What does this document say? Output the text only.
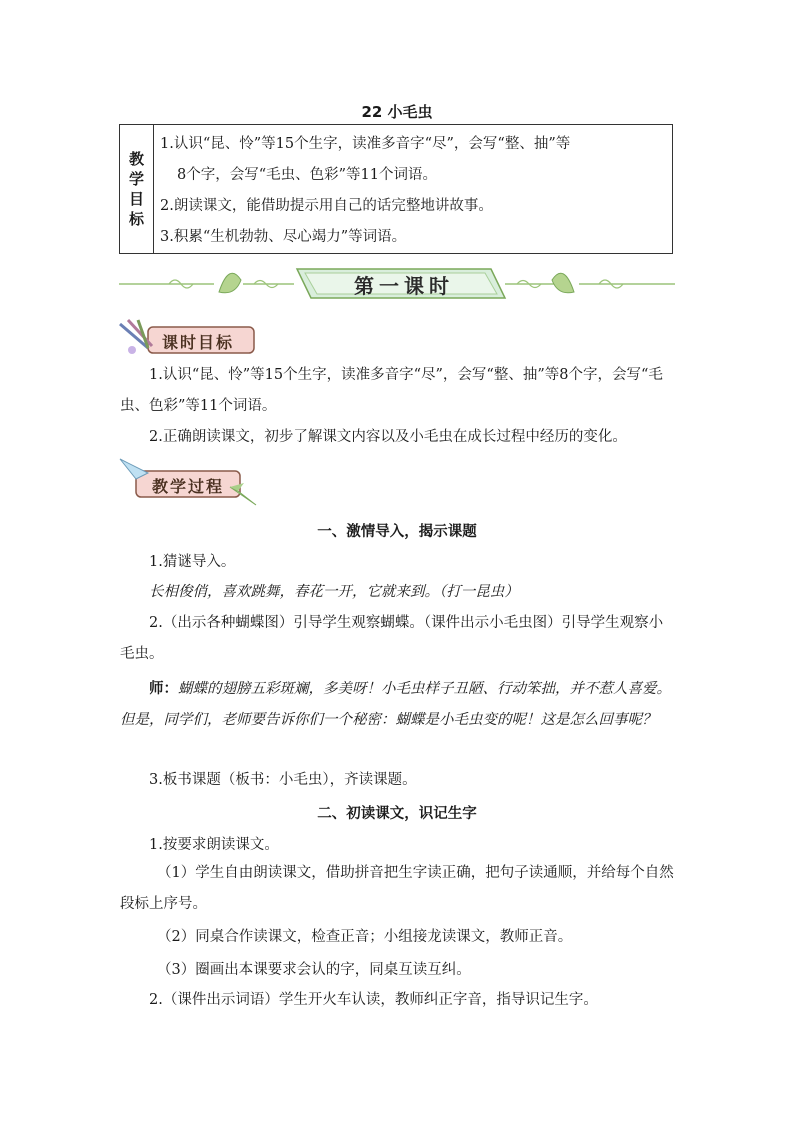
22 小毛虫
教
学
目
标
1.认识“昆、怜”等15个生字，读准多音字“尽”，会写“整、抽”等
8个字，会写“毛虫、色彩”等11个词语。
2.朗读课文，能借助提示用自己的话完整地讲故事。
3.积累“生机勃勃、尽心竭力”等词语。
第一课时
课时目标

1.认识“昆、怜”等15个生字，读准多音字“尽”，会写“整、抽”等8个字，会写“毛虫、色彩”等11个词语。

2.正确朗读课文，初步了解课文内容以及小毛虫在成长过程中经历的变化。

教学过程
一、激情导入，揭示课题

1.猜谜导入。

长相俊俏，喜欢跳舞，春花一开，它就来到。（打一昆虫）

2.（出示各种蝴蝶图）引导学生观察蝴蝶。（课件出示小毛虫图）引导学生观察小毛虫。

师：蝴蝶的翅膀五彩斑斓，多美呀！小毛虫样子丑陋、行动笨拙，并不惹人喜爱。但是，同学们，老师要告诉你们一个秘密：蝴蝶是小毛虫变的呢！这是怎么回事呢？

3.板书课题（板书：小毛虫），齐读课题。

二、初读课文，识记生字

1.按要求朗读课文。

（1）学生自由朗读课文，借助拼音把生字读正确，把句子读通顺，并给每个自然段标上序号。

（2）同桌合作读课文，检查正音；小组接龙读课文，教师正音。

（3）圈画出本课要求会认的字，同桌互读互纠。

2.（课件出示词语）学生开火车认读，教师纠正字音，指导识记生字。
